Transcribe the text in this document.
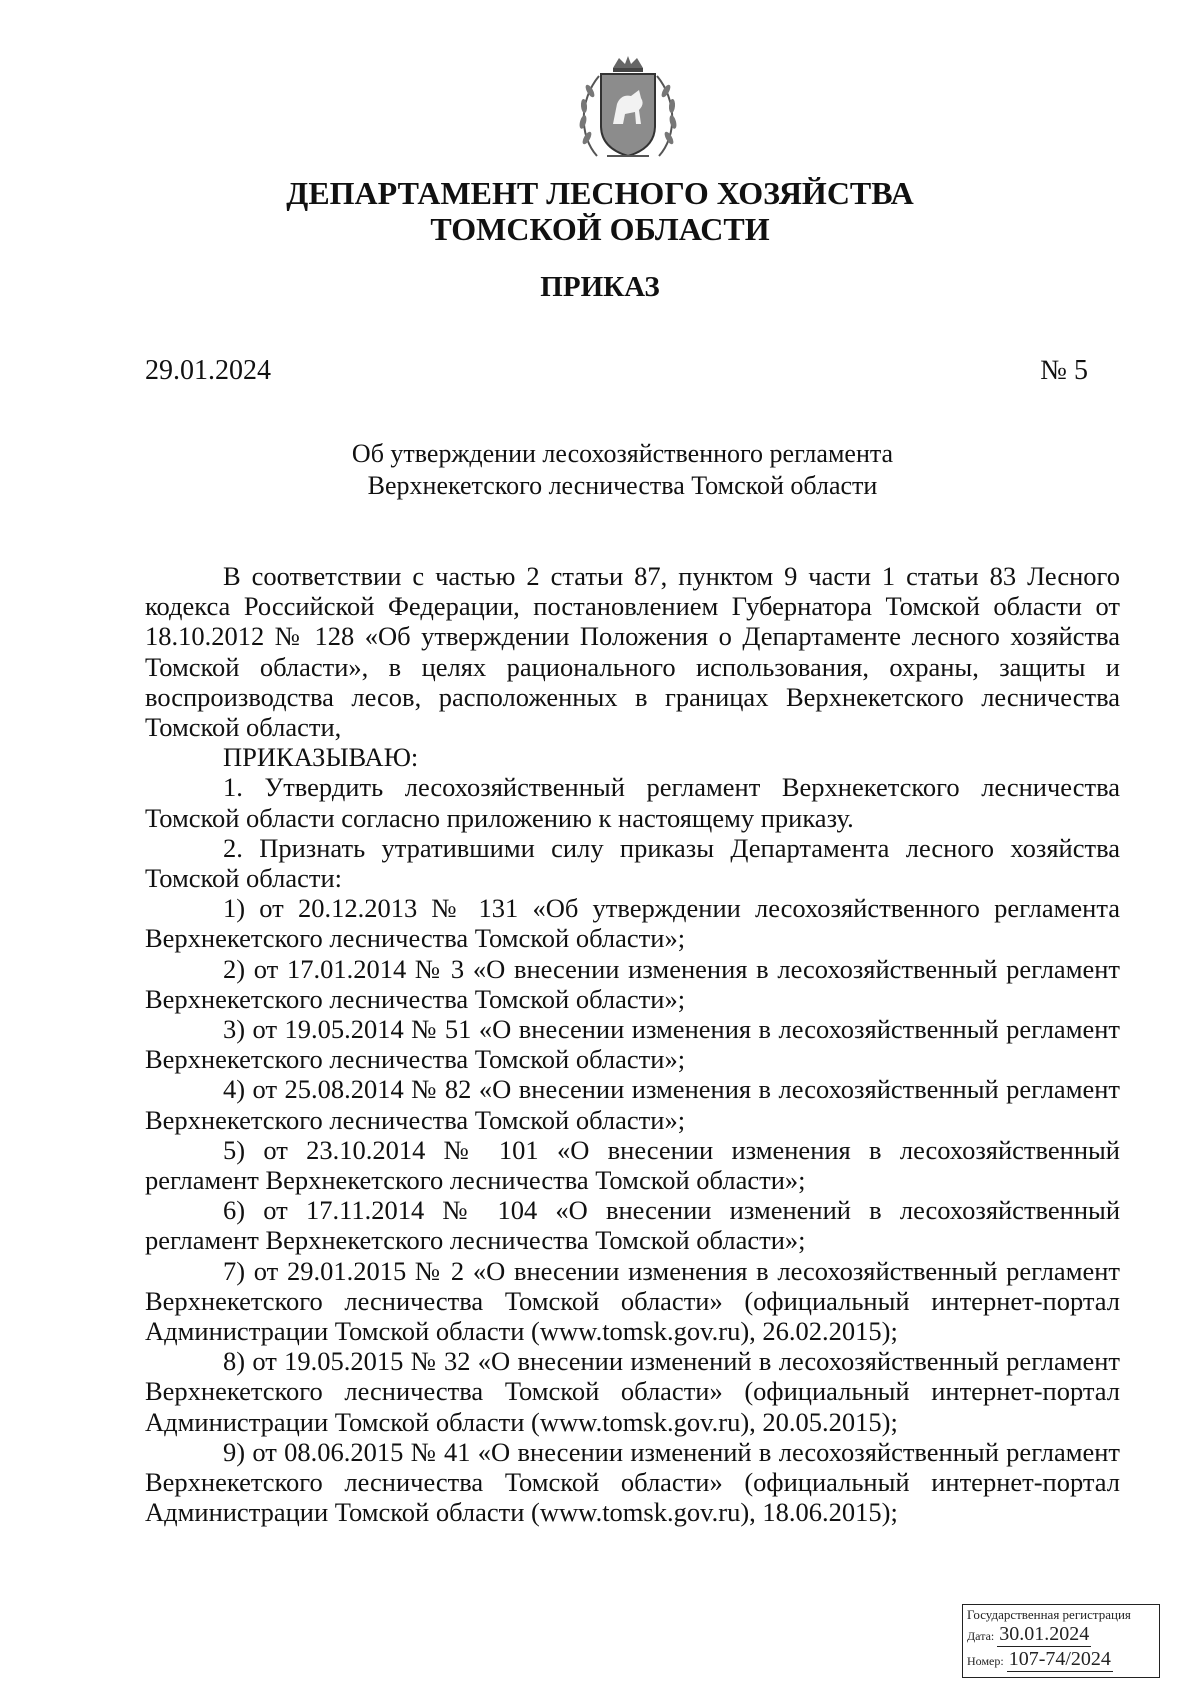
ДЕПАРТАМЕНТ ЛЕСНОГО ХОЗЯЙСТВА
ТОМСКОЙ ОБЛАСТИ
ПРИКАЗ
29.01.2024	№ 5
Об утверждении лесохозяйственного регламента
Верхнекетского лесничества Томской области

В соответствии с частью 2 статьи 87, пунктом 9 части 1 статьи 83 Лесного кодекса Российской Федерации, постановлением Губернатора Томской области от 18.10.2012 № 128 «Об утверждении Положения о Департаменте лесного хозяйства Томской области», в целях рационального использования, охраны, защиты и воспроизводства лесов, расположенных в границах Верхнекетского лесничества Томской области,

ПРИКАЗЫВАЮ:

1. Утвердить лесохозяйственный регламент Верхнекетского лесничества Томской области согласно приложению к настоящему приказу.

2. Признать утратившими силу приказы Департамента лесного хозяйства Томской области:

1) от 20.12.2013 № 131 «Об утверждении лесохозяйственного регламента Верхнекетского лесничества Томской области»;

2) от 17.01.2014 № 3 «О внесении изменения в лесохозяйственный регламент Верхнекетского лесничества Томской области»;

3) от 19.05.2014 № 51 «О внесении изменения в лесохозяйственный регламент Верхнекетского лесничества Томской области»;

4) от 25.08.2014 № 82 «О внесении изменения в лесохозяйственный регламент Верхнекетского лесничества Томской области»;

5) от 23.10.2014 № 101 «О внесении изменения в лесохозяйственный регламент Верхнекетского лесничества Томской области»;

6) от 17.11.2014 № 104 «О внесении изменений в лесохозяйственный регламент Верхнекетского лесничества Томской области»;

7) от 29.01.2015 № 2 «О внесении изменения в лесохозяйственный регламент Верхнекетского лесничества Томской области» (официальный интернет-портал Администрации Томской области (www.tomsk.gov.ru), 26.02.2015);

8) от 19.05.2015 № 32 «О внесении изменений в лесохозяйственный регламент Верхнекетского лесничества Томской области» (официальный интернет-портал Администрации Томской области (www.tomsk.gov.ru), 20.05.2015);

9) от 08.06.2015 № 41 «О внесении изменений в лесохозяйственный регламент Верхнекетского лесничества Томской области» (официальный интернет-портал Администрации Томской области (www.tomsk.gov.ru), 18.06.2015);

Государственная регистрация
Дата: 30.01.2024
Номер: 107-74/2024
